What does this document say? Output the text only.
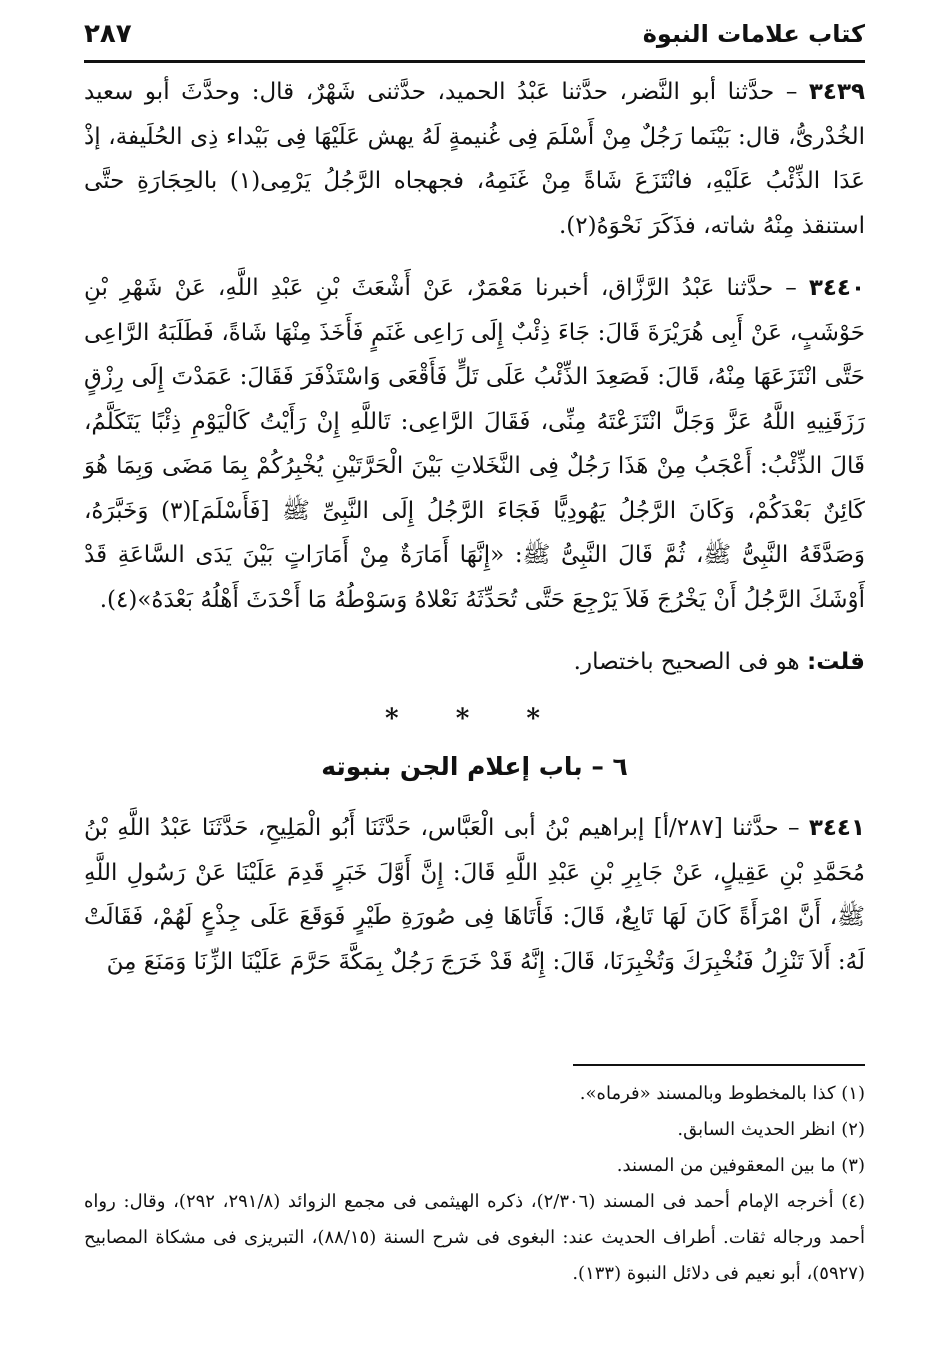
كتاب علامات النبوة
٢٨٧

٣٤٣٩ – حدَّثنا أبو النَّضر، حدَّثنا عَبْدُ الحميد، حدَّثنى شَهْرٌ، قال: وحدَّثَ أبو سعيد الخُدْرىُّ، قال: بَيْنَما رَجُلٌ مِنْ أَسْلَمَ فِى غُنيمةٍ لَهُ يهش عَلَيْهَا فِى بَيْداء ذِى الحُلَيفة، إذْ عَدَا الذِّئْبُ عَلَيْهِ، فانْتَزَعَ شَاةً مِنْ غَنَمِهُ، فجهجاه الرَّجُلُ يَرْمِى(١) بالحِجَارَةِ حتَّى استنقذ مِنْهُ شاته، فذَكَرَ نَحْوَهُ(٢).

٣٤٤٠ – حدَّثنا عَبْدُ الرَّزَّاق، أخبرنا مَعْمَرٌ، عَنْ أَشْعَثَ بْنِ عَبْدِ اللَّهِ، عَنْ شَهْرِ بْنِ حَوْشَبٍ، عَنْ أَبِى هُرَيْرَةَ قَالَ: جَاءَ ذِئْبٌ إِلَى رَاعِى غَنَمٍ فَأَخَذَ مِنْهَا شَاةً، فَطَلَبَهُ الرَّاعِى حَتَّى انْتَزَعَهَا مِنْهُ، قَالَ: فَصَعِدَ الذِّئْبُ عَلَى تَلٍّ فَأَقْعَى وَاسْتَذْفَرَ فَقَالَ: عَمَدْتَ إِلَى رِزْقٍ رَزَقَنِيهِ اللَّهُ عَزَّ وَجَلَّ انْتَزَعْتَهُ مِنِّى، فَقَالَ الرَّاعِى: تَاللَّهِ إِنْ رَأَيْتُ كَالْيَوْمِ ذِئْبًا يَتَكَلَّمُ، قَالَ الذِّئْبُ: أَعْجَبُ مِنْ هَذَا رَجُلٌ فِى النَّخَلاتِ بَيْنَ الْحَرَّتَيْنِ يُخْبِرُكُمْ بِمَا مَضَى وَبِمَا هُوَ كَائِنٌ بَعْدَكُمْ، وَكَانَ الرَّجُلُ يَهُودِيًّا فَجَاءَ الرَّجُلُ إِلَى النَّبِىِّ ﷺ [فَأَسْلَمَ](٣) وَخَبَّرَهُ، وَصَدَّقَهُ النَّبِىُّ ﷺ، ثُمَّ قَالَ النَّبِىُّ ﷺ: «إِنَّهَا أَمَارَةٌ مِنْ أَمَارَاتٍ بَيْنَ يَدَى السَّاعَةِ قَدْ أَوْشَكَ الرَّجُلُ أَنْ يَخْرُجَ فَلاَ يَرْجِعَ حَتَّى تُحَدِّثَهُ نَعْلاهُ وَسَوْطُهُ مَا أَحْدَثَ أَهْلُهُ بَعْدَهُ»(٤).

قلت: هو فى الصحيح باختصار.

* * *
٦ – باب إعلام الجن بنبوته

٣٤٤١ – حدَّثنا [٢٨٧/أ] إبراهيم بْنُ أبى الْعَبَّاس، حَدَّثَنَا أَبُو الْمَلِيحِ، حَدَّثَنَا عَبْدُ اللَّهِ بْنُ مُحَمَّدِ بْنِ عَقِيلٍ، عَنْ جَابِرِ بْنِ عَبْدِ اللَّهِ قَالَ: إِنَّ أَوَّلَ خَبَرٍ قَدِمَ عَلَيْنَا عَنْ رَسُولِ اللَّهِ ﷺ، أَنَّ امْرَأَةً كَانَ لَهَا تَابِعٌ، قَالَ: فَأَتَاهَا فِى صُورَةِ طَيْرٍ فَوَقَعَ عَلَى جِذْعٍ لَهُمْ، فَقَالَتْ لَهُ: أَلاَ تَنْزِلُ فَنُخْبِرَكَ وَتُخْبِرَنَا، قَالَ: إِنَّهُ قَدْ خَرَجَ رَجُلٌ بِمَكَّةَ حَرَّمَ عَلَيْنَا الزِّنَا وَمَنَعَ مِنَ

(١) كذا بالمخطوط وبالمسند «فرماه».
(٢) انظر الحديث السابق.
(٣) ما بين المعقوفين من المسند.
(٤) أخرجه الإمام أحمد فى المسند (٢/٣٠٦)، ذكره الهيثمى فى مجمع الزوائد (٢٩١/٨، ٢٩٢)، وقال: رواه أحمد ورجاله ثقات. أطراف الحديث عند: البغوى فى شرح السنة (٨٨/١٥)، التبريزى فى مشكاة المصابيح (٥٩٢٧)، أبو نعيم فى دلائل النبوة (١٣٣).
